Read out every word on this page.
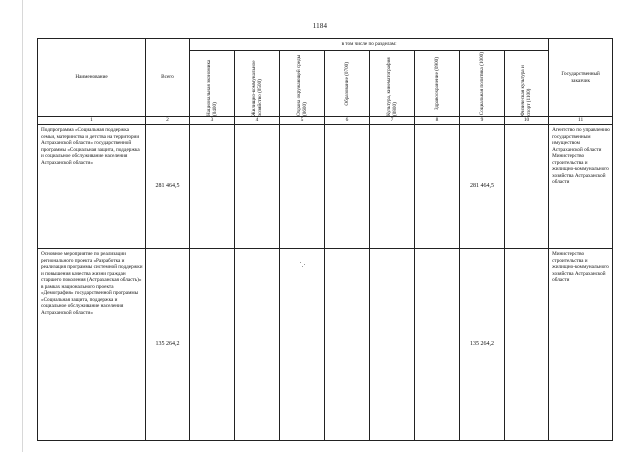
1184
Наименование	Всего	в том числе по разделам:								Государственный заказчик

		Национальная экономика (0400)	Жилищно-коммунальное хозяйство (0500)	Охрана окружающей среды (0600)	Образование (0700)	Культура, кинематография (0800)	Здравоохранение (0900)	Социальная политика (1000)	Физическая культура и спорт (1100)	

1	2	3	4	5	6	7	8	9	10	11
Подпрограмма «Социальная поддержка семьи, материнства и детства на территории Астраханской области» государственной программы «Социальная защита, поддержка и социальное обслуживание населения Астраханской области»	281 464,5							281 464,5		Агентство по управлению государственным имуществом Астраханской области Министерство строительства и жилищно-коммунального хозяйства Астраханской области
Основное мероприятие по реализации регионального проекта «Разработка и реализация программы системной поддержки и повышения качества жизни граждан старшего поколения (Астраханская область)» в рамках национального проекта «Демография» государственной программы «Социальная защита, поддержка и социальное обслуживание населения Астраханской области»	135 264,2							135 264,2		Министерство строительства и жилищно-коммунального хозяйства Астраханской области
